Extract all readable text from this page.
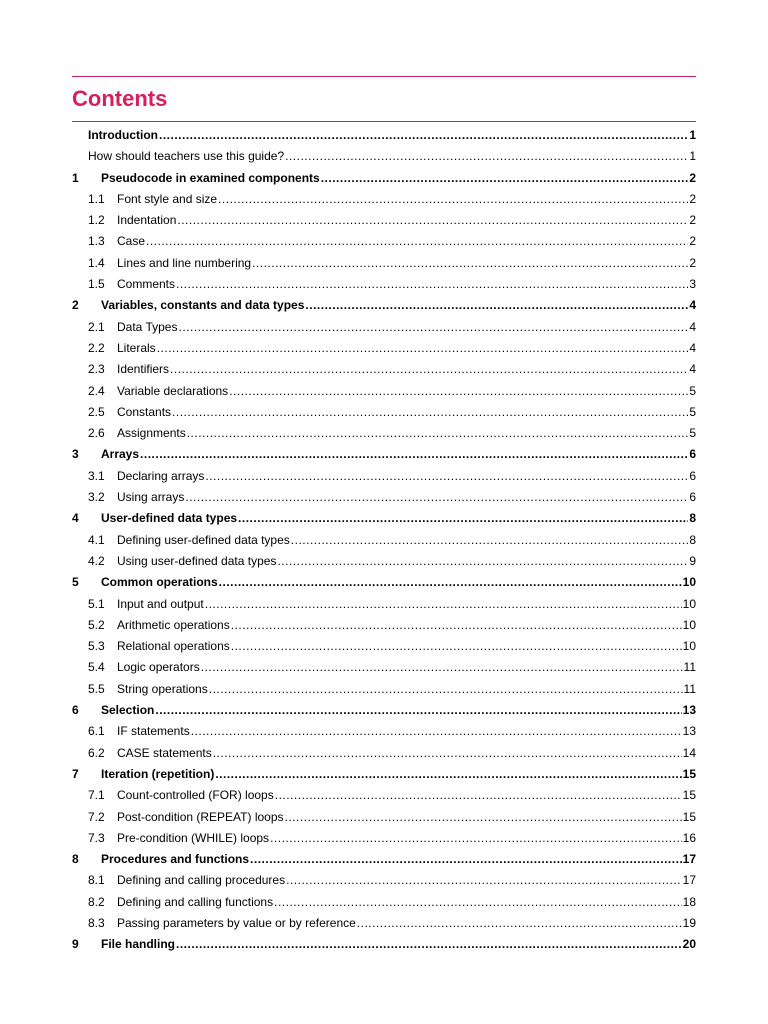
Contents
Introduction .....	1
How should teachers use this guide? .....	1
1	Pseudocode in examined components .....	2
1.1	Font style and size .....	2
1.2	Indentation .....	2
1.3	Case .....	2
1.4	Lines and line numbering .....	2
1.5	Comments .....	3
2	Variables, constants and data types .....	4
2.1	Data Types .....	4
2.2	Literals .....	4
2.3	Identifiers .....	4
2.4	Variable declarations .....	5
2.5	Constants .....	5
2.6	Assignments .....	5
3	Arrays .....	6
3.1	Declaring arrays .....	6
3.2	Using arrays .....	6
4	User-defined data types .....	8
4.1	Defining user-defined data types .....	8
4.2	Using user-defined data types .....	9
5	Common operations .....	10
5.1	Input and output .....	10
5.2	Arithmetic operations .....	10
5.3	Relational operations .....	10
5.4	Logic operators .....	11
5.5	String operations .....	11
6	Selection .....	13
6.1	IF statements .....	13
6.2	CASE statements .....	14
7	Iteration (repetition) .....	15
7.1	Count-controlled (FOR) loops .....	15
7.2	Post-condition (REPEAT) loops .....	15
7.3	Pre-condition (WHILE) loops .....	16
8	Procedures and functions .....	17
8.1	Defining and calling procedures .....	17
8.2	Defining and calling functions .....	18
8.3	Passing parameters by value or by reference .....	19
9	File handling .....	20
